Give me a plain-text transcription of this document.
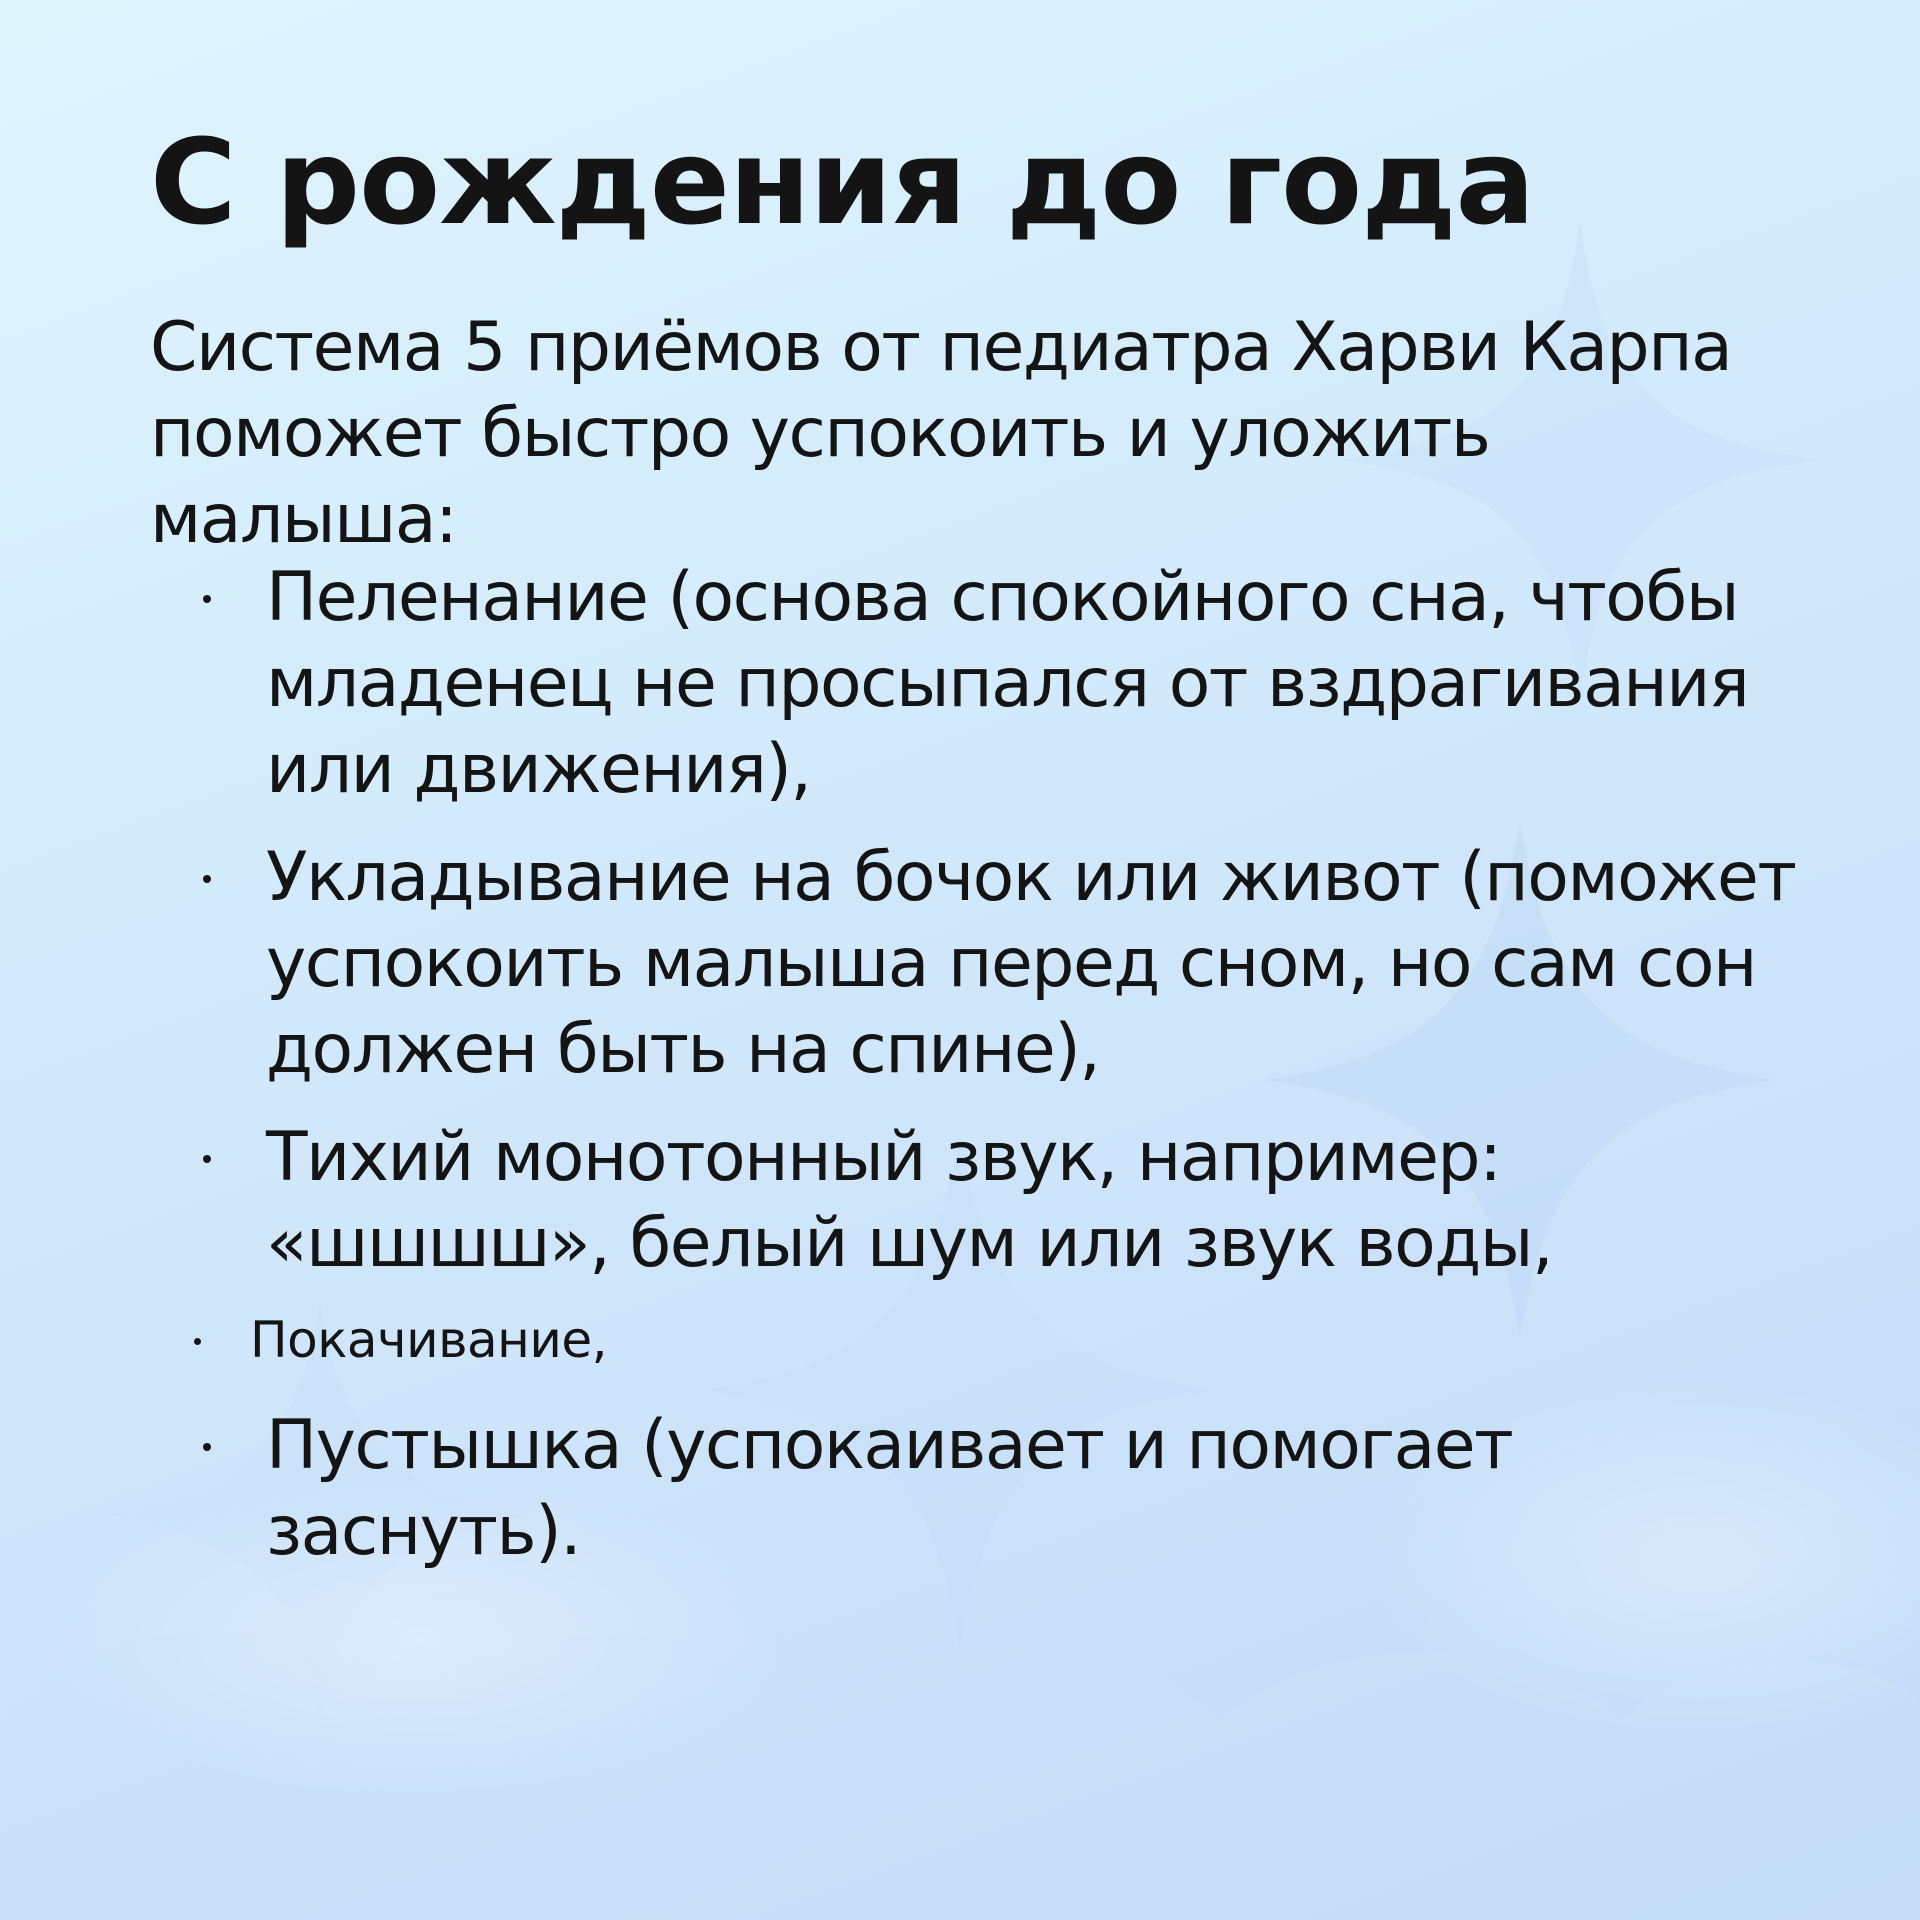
С рождения до года

Система 5 приёмов от педиатра Харви Карпа поможет быстро успокоить и уложить малыша:

Пеленание (основа спокойного сна, чтобы младенец не просыпался от вздрагивания или движения),
Укладывание на бочок или живот (поможет успокоить малыша перед сном, но сам сон должен быть на спине),
Тихий монотонный звук, например: «шшшш», белый шум или звук воды,
Покачивание,
Пустышка (успокаивает и помогает заснуть).
